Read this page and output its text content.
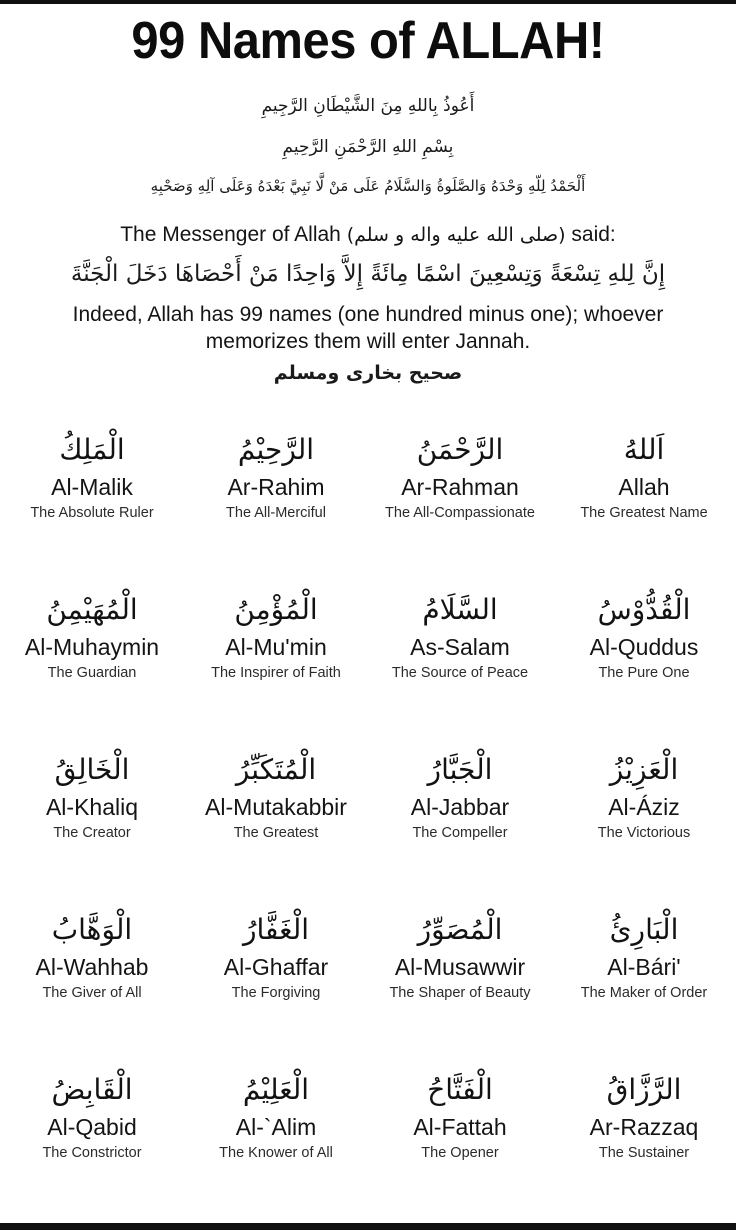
99 Names of ALLAH!
أَعُوذُ بِاللهِ مِنَ الشَّيْطَانِ الرَّجِيمِ
بِسْمِ اللهِ الرَّحْمَنِ الرَّحِيمِ
أَلْحَمْدُ لِلّهِ وَحْدَهُ وَالصَّلَوةُ وَالسَّلَامُ عَلَى مَنْ لَّا نَبِيَّ بَعْدَهُ وَعَلَى آلِهِ وَصَحْبِهِ

The Messenger of Allah (صلى الله عليه واله و سلم) said:

إِنَّ لِلهِ تِسْعَةً وَتِسْعِينَ اسْمًا مِائَةً إِلاَّ وَاحِدًا مَنْ أَحْصَاهَا دَخَلَ الْجَنَّةَ

Indeed, Allah has 99 names (one hundred minus one); whoever memorizes them will enter Jannah.

صحيح بخارى ومسلم

اَللهُ
Allah
The Greatest Name
الرَّحْمَنُ
Ar-Rahman
The All-Compassionate
الرَّحِيْمُ
Ar-Rahim
The All-Merciful
الْمَلِكُ
Al-Malik
The Absolute Ruler
الْقُدُّوْسُ
Al-Quddus
The Pure One
السَّلَامُ
As-Salam
The Source of Peace
الْمُؤْمِنُ
Al-Mu'min
The Inspirer of Faith
الْمُهَيْمِنُ
Al-Muhaymin
The Guardian
الْعَزِيْزُ
Al-Áziz
The Victorious
الْجَبَّارُ
Al-Jabbar
The Compeller
الْمُتَكَبِّرُ
Al-Mutakabbir
The Greatest
الْخَالِقُ
Al-Khaliq
The Creator
الْبَارِئُ
Al-Bári'
The Maker of Order
الْمُصَوِّرُ
Al-Musawwir
The Shaper of Beauty
الْغَفَّارُ
Al-Ghaffar
The Forgiving
الْوَهَّابُ
Al-Wahhab
The Giver of All
الرَّزَّاقُ
Ar-Razzaq
The Sustainer
الْفَتَّاحُ
Al-Fattah
The Opener
الْعَلِيْمُ
Al-`Alim
The Knower of All
الْقَابِضُ
Al-Qabid
The Constrictor
